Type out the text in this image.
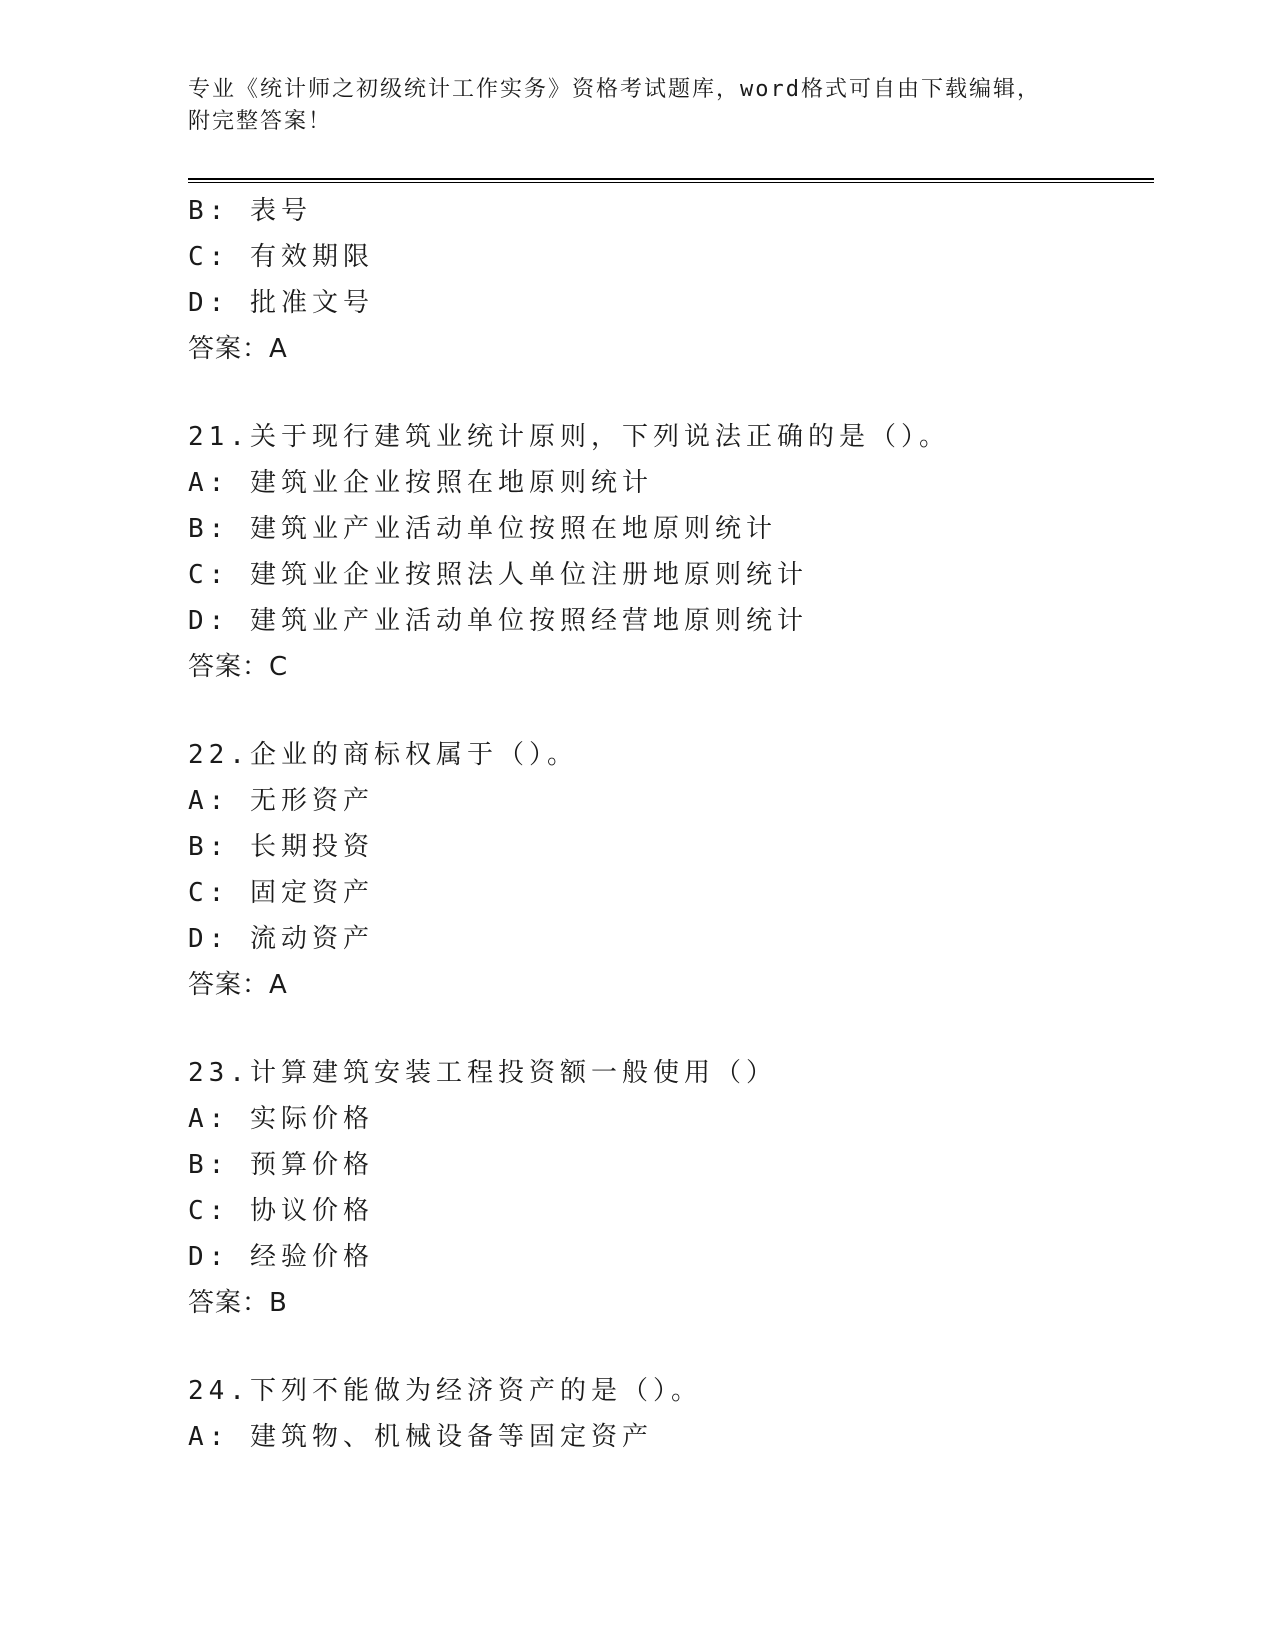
专业《统计师之初级统计工作实务》资格考试题库，word格式可自由下载编辑，
附完整答案！
B: 表号
C: 有效期限
D: 批准文号
答案：A
21.关于现行建筑业统计原则，下列说法正确的是（）。
A: 建筑业企业按照在地原则统计
B: 建筑业产业活动单位按照在地原则统计
C: 建筑业企业按照法人单位注册地原则统计
D: 建筑业产业活动单位按照经营地原则统计
答案：C
22.企业的商标权属于（）。
A: 无形资产
B: 长期投资
C: 固定资产
D: 流动资产
答案：A
23.计算建筑安装工程投资额一般使用（）
A: 实际价格
B: 预算价格
C: 协议价格
D: 经验价格
答案：B
24.下列不能做为经济资产的是（）。
A: 建筑物、机械设备等固定资产
